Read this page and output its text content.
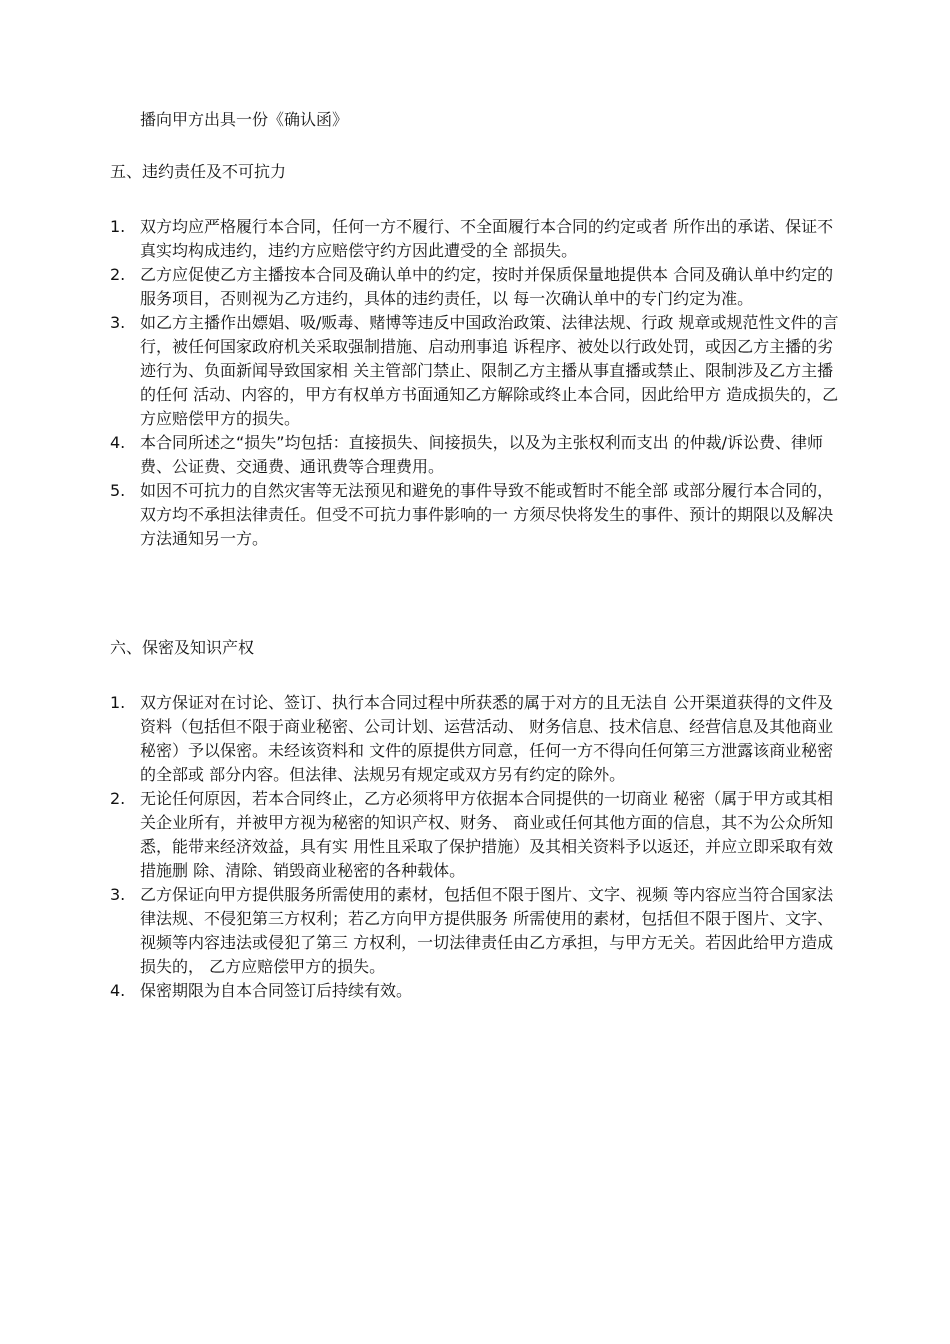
播向甲方出具一份《确认函》
五、违约责任及不可抗力
1. 双方均应严格履行本合同，任何一方不履行、不全面履行本合同的约定或者 所作出的承诺、保证不真实均构成违约，违约方应赔偿守约方因此遭受的全 部损失。
2. 乙方应促使乙方主播按本合同及确认单中的约定，按时并保质保量地提供本 合同及确认单中约定的服务项目，否则视为乙方违约，具体的违约责任，以 每一次确认单中的专门约定为准。
3. 如乙方主播作出嫖娼、吸/贩毒、赌博等违反中国政治政策、法律法规、行政 规章或规范性文件的言行，被任何国家政府机关采取强制措施、启动刑事追 诉程序、被处以行政处罚，或因乙方主播的劣迹行为、负面新闻导致国家相 关主管部门禁止、限制乙方主播从事直播或禁止、限制涉及乙方主播的任何 活动、内容的，甲方有权单方书面通知乙方解除或终止本合同，因此给甲方 造成损失的，乙方应赔偿甲方的损失。
4. 本合同所述之“损失”均包括：直接损失、间接损失，以及为主张权利而支出 的仲裁/诉讼费、律师费、公证费、交通费、通讯费等合理费用。
5. 如因不可抗力的自然灾害等无法预见和避免的事件导致不能或暂时不能全部 或部分履行本合同的，双方均不承担法律责任。但受不可抗力事件影响的一 方须尽快将发生的事件、预计的期限以及解决方法通知另一方。
六、保密及知识产权
1. 双方保证对在讨论、签订、执行本合同过程中所获悉的属于对方的且无法自 公开渠道获得的文件及资料（包括但不限于商业秘密、公司计划、运营活动、 财务信息、技术信息、经营信息及其他商业秘密）予以保密。未经该资料和 文件的原提供方同意，任何一方不得向任何第三方泄露该商业秘密的全部或 部分内容。但法律、法规另有规定或双方另有约定的除外。
2. 无论任何原因，若本合同终止，乙方必须将甲方依据本合同提供的一切商业 秘密（属于甲方或其相关企业所有，并被甲方视为秘密的知识产权、财务、 商业或任何其他方面的信息，其不为公众所知悉，能带来经济效益，具有实 用性且采取了保护措施）及其相关资料予以返还，并应立即采取有效措施删 除、清除、销毁商业秘密的各种载体。
3. 乙方保证向甲方提供服务所需使用的素材，包括但不限于图片、文字、视频 等内容应当符合国家法律法规、不侵犯第三方权利；若乙方向甲方提供服务 所需使用的素材，包括但不限于图片、文字、视频等内容违法或侵犯了第三 方权利，一切法律责任由乙方承担，与甲方无关。若因此给甲方造成损失的， 乙方应赔偿甲方的损失。
4. 保密期限为自本合同签订后持续有效。
